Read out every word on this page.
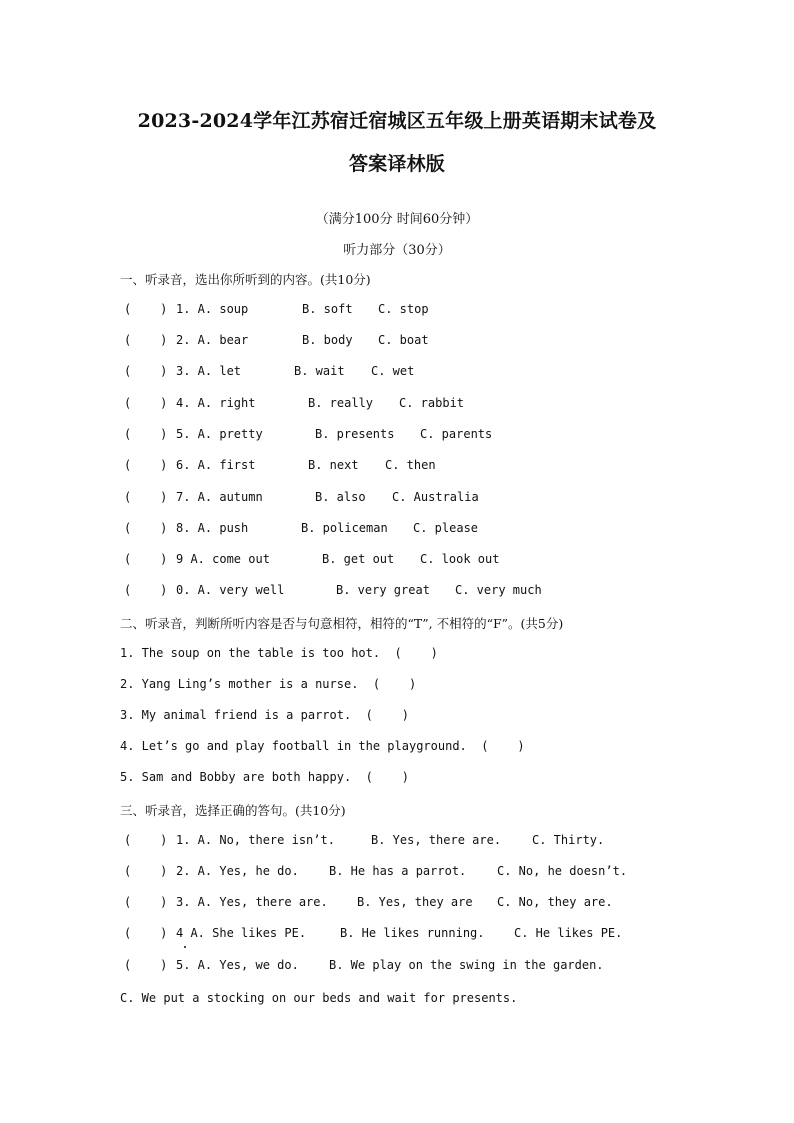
2023-2024学年江苏宿迁宿城区五年级上册英语期末试卷及
答案译林版
（满分100分 时间60分钟）
听力部分（30分）
一、听录音，选出你所听到的内容。(共10分)
(    ) 1. A. soup	B. soft C. stop
(    ) 2. A. bear	B. body C. boat
(    ) 3. A. let	B. wait C. wet
(    ) 4. A. right	B. really C. rabbit
(    ) 5. A. pretty	B. presents C. parents
(    ) 6. A. first	B. next C. then
(    ) 7. A. autumn	B. also C. Australia
(    ) 8. A. push	B. policeman C. please
(    ) 9 A. come out	B. get out C. look out
(    ) 0. A. very well	B. very great C. very much
二、听录音，判断所听内容是否与句意相符，相符的“T”, 不相符的“F”。(共5分)
1. The soup on the table is too hot.  (    )
2. Yang Ling’s mother is a nurse.  (    )
3. My animal friend is a parrot.  (    )
4. Let’s go and play football in the playground.  (    )
5. Sam and Bobby are both happy.  (    )
三、听录音，选择正确的答句。(共10分)
(    ) 1. A. No, there isn’t.	B. Yes, there are.	C. Thirty.
(    ) 2. A. Yes, he do.	B. He has a parrot.	C. No, he doesn’t.
(    ) 3. A. Yes, there are. B. Yes, they are C. No, they are.
(    ) 4 A. She likes PE.	B. He likes running. C. He likes PE.
(    ) 5. A. Yes, we do.	B. We play on the swing in the garden.
C. We put a stocking on our beds and wait for presents.
